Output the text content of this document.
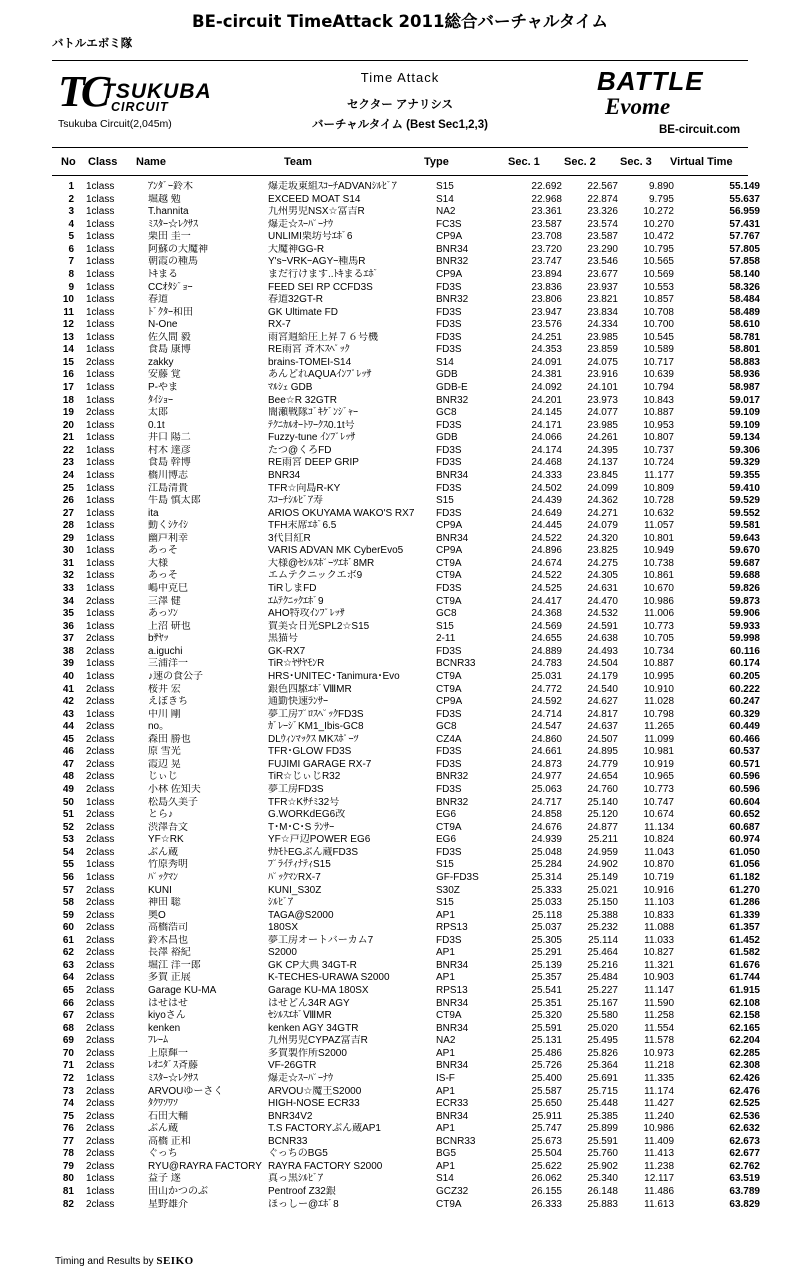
BE-circuit TimeAttack 2011総合バーチャルタイム
バトルエボミ隊
TC
TSUKUBA
CIRCUIT
Tsukuba Circuit(2,045m)
Time Attack
セクター アナリシス
バーチャルタイム (Best Sec1,2,3)
BATTLE
Evome
BE-circuit.com
No Class Name	Team	Type	Sec. 1 Sec. 2 Sec. 3 Virtual Time
1	1class	ｱﾝﾀﾞｰ鈴木	爆走坂東組ｽｺｰﾁADVANｼﾙﾋﾞｱ	S15	22.692	22.567	9.890	55.149
2	1class	堀越 勉	EXCEED MOAT S14	S14	22.968	22.874	9.795	55.637
3	1class	T.hannita	九州男児NSX☆富吉R	NA2	23.361	23.326	10.272	56.959
4	1class	ﾐｽﾀｰ☆ﾚｸｻｽ	爆走☆ｽｰﾊﾟｰﾅｳ	FC3S	23.587	23.574	10.270	57.431
5	1class	栗田 圭一	UNLIMI栗坊号ｴﾎﾞ6	CP9A	23.708	23.587	10.472	57.767
6	1class	阿蘇の大魔神	大魔神GG-R	BNR34	23.720	23.290	10.795	57.805
7	1class	朝霞の種馬	Y'sｰVRKｰAGYｰ種馬R	BNR32	23.747	23.546	10.565	57.858
8	1class	ﾄｷまる	まだ行けます..ﾄｷまるｴﾎﾞ	CP9A	23.894	23.677	10.569	58.140
9	1class	CCｵﾀｼﾞｮｰ	FEED SEI RP CCFD3S	FD3S	23.836	23.937	10.553	58.326
10	1class	春道	春道32GT-R	BNR32	23.806	23.821	10.857	58.484
11	1class	ﾄﾞｸﾀｰ和田	GK Ultimate FD	FD3S	23.947	23.834	10.708	58.489
12	1class	N-One	RX-7	FD3S	23.576	24.334	10.700	58.610
13	1class	佐久間 毅	雨宮週給圧上昇７６号機	FD3S	24.251	23.985	10.545	58.781
14	1class	食島 康博	RE雨宮 斉木ｽﾍﾟｯｸ	FD3S	24.353	23.859	10.589	58.801
15	2class	zakky	brains-TOMEI-S14	S14	24.091	24.075	10.717	58.883
16	1class	安藤 覚	あんどれAQUAｲﾝﾌﾟﾚｯｻ	GDB	24.381	23.916	10.639	58.936
17	1class	P-やま	ﾏﾙｼｪ GDB	GDB-E	24.092	24.101	10.794	58.987
18	1class	ﾀｲｼｮｰ	Bee☆R 32GTR	BNR32	24.201	23.973	10.843	59.017
19	2class	太郎	闇瀬戦隊ｺﾞｷｹﾞﾝｼﾞｬｰ	GC8	24.145	24.077	10.887	59.109
20	1class	0.1t	ﾃｸﾆｶﾙｵｰﾄﾜｰｸｽ0.1t号	FD3S	24.171	23.985	10.953	59.109
21	1class	井口 陽二	Fuzzy-tune ｲﾝﾌﾟﾚｯｻ	GDB	24.066	24.261	10.807	59.134
22	1class	村木 達彦	たつ@くろFD	FD3S	24.174	24.395	10.737	59.306
23	1class	食島 幹博	RE雨宮 DEEP GRIP	FD3S	24.468	24.137	10.724	59.329
24	1class	橋川博志	BNR34	BNR34	24.333	23.845	11.177	59.355
25	1class	江島清貴	TFR☆向島R-KY	FD3S	24.502	24.099	10.809	59.410
26	1class	牛島 慎太郎	ｽｺｰﾁｼﾙﾋﾞｱ寿	S15	24.439	24.362	10.728	59.529
27	1class	ita	ARIOS OKUYAMA WAKO'S RX7	FD3S	24.649	24.271	10.632	59.552
28	1class	動くｼｹｲｼ	TFH末席ｴﾎﾞ6.5	CP9A	24.445	24.079	11.057	59.581
29	1class	幽戸利幸	3代目紅R	BNR34	24.522	24.320	10.801	59.643
30	1class	あっそ	VARIS ADVAN MK CyberEvo5	CP9A	24.896	23.825	10.949	59.670
31	1class	大様	大様@ｾｼﾙｽﾎﾟｰﾂｴﾎﾞ8MR	CT9A	24.674	24.275	10.738	59.687
32	1class	あっそ	エムテクニックエボ9	CT9A	24.522	24.305	10.861	59.688
33	1class	嶋中克巳	TiRしまFD	FD3S	24.525	24.631	10.670	59.826
34	2class	三澤 健	ｴﾑﾃｸﾆｯｸｴﾎﾞ9	CT9A	24.417	24.470	10.986	59.873
35	1class	あっｿﾝ	AHO特攻ｲﾝﾌﾟﾚｯｻ	GC8	24.368	24.532	11.006	59.906
36	1class	上沼 研也	賀美☆日光SPL2☆S15	S15	24.569	24.591	10.773	59.933
37	2class	bｻﾔｯ	黒猫号	2-11	24.655	24.638	10.705	59.998
38	2class	a.iguchi	GK-RX7	FD3S	24.889	24.493	10.734	60.116
39	1class	三浦洋一	TiR☆ﾔｻﾔﾓﾝR	BCNR33	24.783	24.504	10.887	60.174
40	1class	♪速の食公子	HRS･UNITEC･Tanimura･Evo	CT9A	25.031	24.179	10.995	60.205
41	2class	桜井 宏	銀色四駆ｴﾎﾞⅧMR	CT9A	24.772	24.540	10.910	60.222
42	2class	えぼきち	通勤快速ﾗﾝｻｰ	CP9A	24.592	24.627	11.028	60.247
43	1class	中川 剛	夢工房ﾌﾟﾛｽﾍﾟｯｸFD3S	FD3S	24.714	24.817	10.798	60.329
44	2class	no｡	ｶﾞﾚｰｼﾞKM1_Ibis-GC8	GC8	24.547	24.637	11.265	60.449
45	2class	森田 勝也	DLｳｨﾝﾏｯｸｽ MKｽﾎﾟｰﾂ	CZ4A	24.860	24.507	11.099	60.466
46	2class	原 雪光	TFR･GLOW FD3S	FD3S	24.661	24.895	10.981	60.537
47	2class	霞辺 晃	FUJIMI GARAGE RX-7	FD3S	24.873	24.779	10.919	60.571
48	2class	じぃじ	TiR☆じぃじR32	BNR32	24.977	24.654	10.965	60.596
49	2class	小林 佐知夫	夢工房FD3S	FD3S	25.063	24.760	10.773	60.596
50	1class	松島久美子	TFR☆Kｻﾁﾐ32号	BNR32	24.717	25.140	10.747	60.604
51	2class	とら♪	G.WORKdEG6改	EG6	24.858	25.120	10.674	60.652
52	2class	渋澤吾文	T･M･C･S ﾗﾝｻｰ	CT9A	24.676	24.877	11.134	60.687
53	2class	YF☆RK	YF☆戸辺POWER EG6	EG6	24.939	25.211	10.824	60.974
54	2class	ぶん蔵	ｻｶﾓﾄEGぶん蔵FD3S	FD3S	25.048	24.959	11.043	61.050
55	1class	竹原秀明	ﾌﾟﾗｲﾃｨﾅﾃｨS15	S15	25.284	24.902	10.870	61.056
56	1class	ﾊﾟｯｸﾏﾝ	ﾊﾟｯｸﾏﾝRX-7	GF-FD3S	25.314	25.149	10.719	61.182
57	2class	KUNI	KUNI_S30Z	S30Z	25.333	25.021	10.916	61.270
58	2class	神田 聡	ｼﾙﾋﾞｱ	S15	25.033	25.150	11.103	61.286
59	2class	奥O	TAGA@S2000	AP1	25.118	25.388	10.833	61.339
60	2class	高橋浩司	180SX	RPS13	25.037	25.232	11.088	61.357
61	2class	鈴木昌也	夢工房オートバーカム7	FD3S	25.305	25.114	11.033	61.452
62	2class	長澤 裕紀	S2000	AP1	25.291	25.464	10.827	61.582
63	2class	堀江 洋一郎	GK CP大典 34GT-R	BNR34	25.139	25.216	11.321	61.676
64	2class	多賀 正展	K-TECHES-URAWA S2000	AP1	25.357	25.484	10.903	61.744
65	2class	Garage KU-MA	Garage KU-MA 180SX	RPS13	25.541	25.227	11.147	61.915
66	2class	はせはせ	はせどん34R AGY	BNR34	25.351	25.167	11.590	62.108
67	2class	kiyoさん	ｾｼﾙｽｴﾎﾞⅧMR	CT9A	25.320	25.580	11.258	62.158
68	2class	kenken	kenken AGY 34GTR	BNR34	25.591	25.020	11.554	62.165
69	2class	ﾌﾚｰﾑ	九州男児CYPAZ富吉R	NA2	25.131	25.495	11.578	62.204
70	2class	上原輝一	多賀製作所S2000	AP1	25.486	25.826	10.973	62.285
71	2class	ﾚｵﾆﾀﾞｽ斉藤	VF-26GTR	BNR34	25.726	25.364	11.218	62.308
72	1class	ﾐｽﾀｰ☆ﾚｸｻｽ	爆走☆ｽｰﾊﾟｰﾅｳ	IS-F	25.400	25.691	11.335	62.426
73	2class	ARVOUゆーさく	ARVOU☆魔王S2000	AP1	25.587	25.715	11.174	62.476
74	2class	ﾀｸﾜｿﾜｿ	HIGH-NOSE ECR33	ECR33	25.650	25.448	11.427	62.525
75	2class	石田大輔	BNR34V2	BNR34	25.911	25.385	11.240	62.536
76	2class	ぶん蔵	T.S FACTORYぶん蔵AP1	AP1	25.747	25.899	10.986	62.632
77	2class	高橋 正和	BCNR33	BCNR33	25.673	25.591	11.409	62.673
78	2class	ぐっち	ぐっちのBG5	BG5	25.504	25.760	11.413	62.677
79	2class	RYU@RAYRA FACTORY	RAYRA FACTORY S2000	AP1	25.622	25.902	11.238	62.762
80	1class	益子 遂	真っ黒ｼﾙﾋﾞｱ	S14	26.062	25.340	12.117	63.519
81	1class	田山かつのぶ	Pentroof Z32銀	GCZ32	26.155	26.148	11.486	63.789
82	2class	星野雄介	ほっしー@ｴﾎﾞ8	CT9A	26.333	25.883	11.613	63.829
Timing and Results by SEIKO
